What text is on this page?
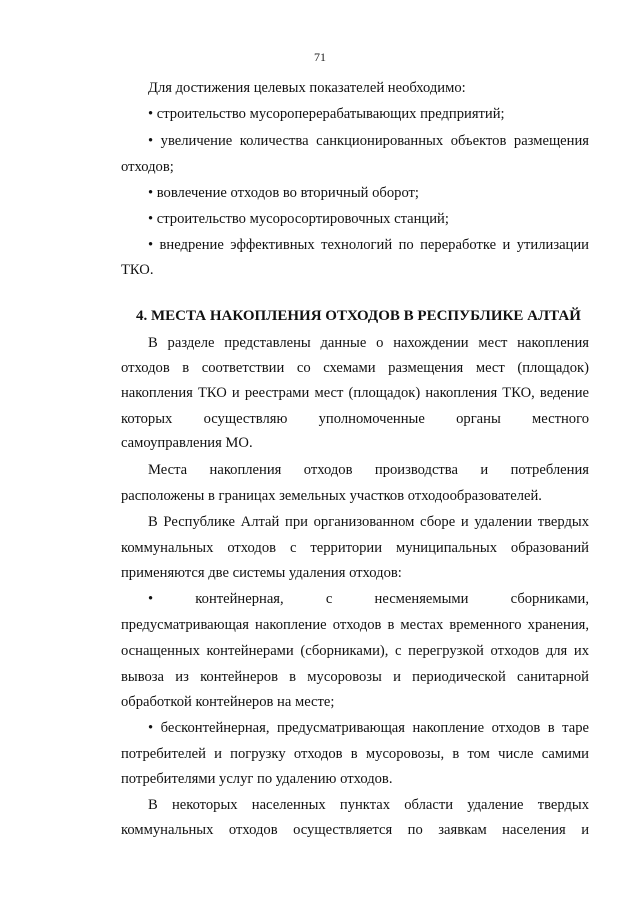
71
Для достижения целевых показателей необходимо:
• строительство мусороперерабатывающих предприятий;
• увеличение количества санкционированных объектов размещения
отходов;
• вовлечение отходов во вторичный оборот;
• строительство мусоросортировочных станций;
• внедрение эффективных технологий по переработке и утилизации
ТКО.
4. МЕСТА НАКОПЛЕНИЯ ОТХОДОВ В РЕСПУБЛИКЕ АЛТАЙ
В разделе представлены данные о нахождении мест накопления
отходов в соответствии со схемами размещения мест (площадок)
накопления ТКО и реестрами мест (площадок) накопления ТКО, ведение
которых осуществляю уполномоченные органы местного
самоуправления МО.
Места накопления отходов производства и потребления
расположены в границах земельных участков отходообразователей.
В Республике Алтай при организованном сборе и удалении твердых
коммунальных отходов с территории муниципальных образований
применяются две системы удаления отходов:
• контейнерная, с несменяемыми сборниками,
предусматривающая накопление отходов в местах временного хранения,
оснащенных контейнерами (сборниками), с перегрузкой отходов для их
вывоза из контейнеров в мусоровозы и периодической санитарной
обработкой контейнеров на месте;
• бесконтейнерная, предусматривающая накопление отходов в таре
потребителей и погрузку отходов в мусоровозы, в том числе самими
потребителями услуг по удалению отходов.
В некоторых населенных пунктах области удаление твердых
коммунальных отходов осуществляется по заявкам населения и
